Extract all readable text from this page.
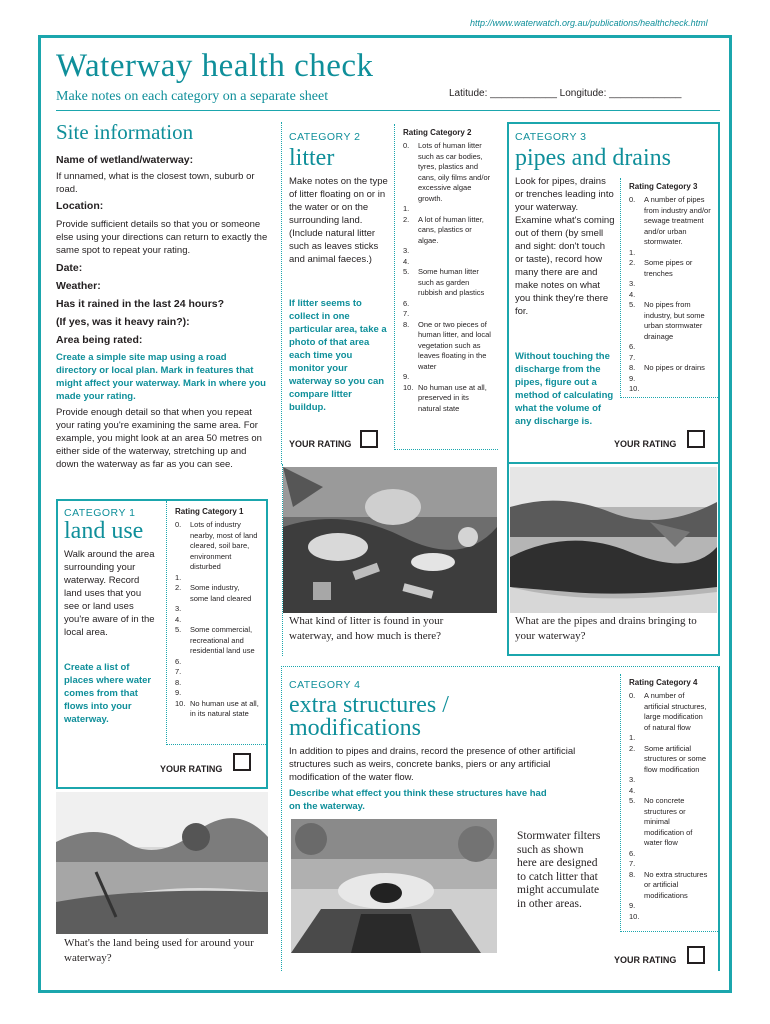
http://www.waterwatch.org.au/publications/healthcheck.html
Waterway health check
Make notes on each category on a separate sheet	Latitude: ____________ Longitude: _____________
Site information
Name of wetland/waterway:
If unnamed, what is the closest town, suburb or road.
Location:
Provide sufficient details so that you or someone else using your directions can return to exactly the same spot to repeat your rating.
Date:
Weather:
Has it rained in the last 24 hours?
(If yes, was it heavy rain?):
Area being rated:
Create a simple site map using a road directory or local plan. Mark in features that might affect your waterway. Mark in where you made your rating.
Provide enough detail so that when you repeat your rating you're examining the same area. For example, you might look at an area 50 metres on either side of the waterway, stretching up and down the waterway as far as you can see.
CATEGORY 2
litter
Make notes on the type of litter floating on or in the water or on the surrounding land. (Include natural litter such as leaves sticks and animal faeces.)
If litter seems to collect in one particular area, take a photo of that area each time you monitor your waterway so you can compare litter buildup.
YOUR RATING
Rating Category 2
0.	Lots of human litter such as car bodies, tyres, plastics and cans, oily films and/or excessive algae growth.
1.
2.	A lot of human litter, cans, plastics or algae.
3.
4.
5.	Some human litter such as garden rubbish and plastics
6.
7.
8.	One or two pieces of human litter, and local vegetation such as leaves floating in the water
9.
10. No human use at all, preserved in its natural state
CATEGORY 3
pipes and drains
Look for pipes, drains or trenches leading into your waterway. Examine what's coming out of them (by smell and sight: don't touch or taste), record how many there are and make notes on what you think they're there for.
Without touching the discharge from the pipes, figure out a method of calculating what the volume of any discharge is.
Rating Category 3
0.	A number of pipes from industry and/or sewage treatment and/or urban stormwater.
1.
2.	Some pipes or trenches
3.
4.
5.	No pipes from industry, but some urban stormwater drainage
6.
7.
8.	No pipes or drains
9.
10.
YOUR RATING
What kind of litter is found in your waterway, and how much is there?
What are the pipes and drains bringing to your waterway?
CATEGORY 1
land use
Walk around the area surrounding your waterway. Record land uses that you see or land uses you're aware of in the local area.
Create a list of places where water comes from that flows into your waterway.
Rating Category 1
0.	Lots of industry nearby, most of land cleared, soil bare, environment disturbed
1.
2.	Some industry, some land cleared
3.
4.
5.	Some commercial, recreational and residential land use
6.
7.
8.
9.
10. No human use at all, in its natural state
YOUR RATING
What's the land being used for around your waterway?
CATEGORY 4
extra structures /
modifications
In addition to pipes and drains, record the presence of other artificial structures such as weirs, concrete banks, piers or any artificial modification of the water flow.
Describe what effect you think these structures have had on the waterway.
Stormwater filters such as shown here are designed to catch litter that might accumulate in other areas.
Rating Category 4
0.	A number of artificial structures, large modification of natural flow
1.
2.	Some artificial structures or some flow modification
3.
4.
5.	No concrete structures or minimal modification of water flow
6.
7.
8.	No extra structures or artificial modifications
9.
10.
YOUR RATING
